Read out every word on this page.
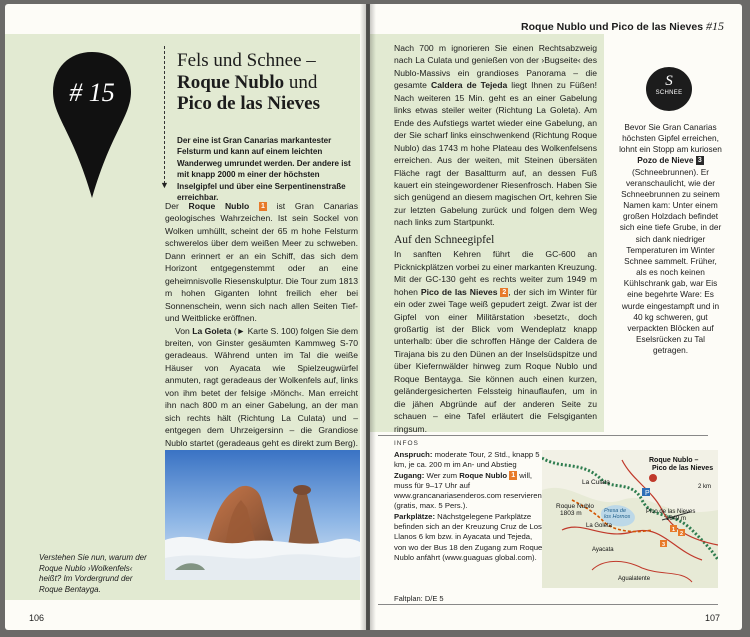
# 15
▼
Fels und Schnee –
Roque Nublo und
Pico de las Nieves
Der eine ist Gran Canarias markantester Felsturm und kann auf einem leichten Wanderweg umrundet werden. Der andere ist mit knapp 2000 m einer der höchsten Inselgipfel und über eine Serpentinenstraße erreichbar.

Der Roque Nublo 1 ist Gran Canarias geologisches Wahrzeichen. Ist sein Sockel von Wolken umhüllt, scheint der 65 m hohe Felsturm schwerelos über dem weißen Meer zu schweben. Dann erinnert er an ein Schiff, das sich dem Horizont entgegenstemmt oder an eine geheimnisvolle Riesenskulptur. Die Tour zum 1813 m hohen Giganten lohnt freilich eher bei Sonnenschein, wenn sich nach allen Seiten Tief- und Weitblicke eröffnen.

Von La Goleta (► Karte S. 100) folgen Sie dem breiten, von Ginster gesäumten Kammweg S-70 geradeaus. Während unten im Tal die weiße Häuser von Ayacata wie Spielzeugwürfel anmuten, ragt geradeaus der Wolkenfels auf, links von ihm betet der felsige ›Mönch‹. Man erreicht ihn nach 800 m an einer Gabelung, an der man sich rechts hält (Richtung La Culata) und – entgegen dem Uhrzeigersinn – die Grandiose Nublo startet (geradeaus geht es direkt zum Berg).

Verstehen Sie nun, warum der Roque Nublo ›Wolkenfels‹ heißt? Im Vordergrund der Roque Bentayga.
106
Roque Nublo und Pico de las Nieves #15

Nach 700 m ignorieren Sie einen Rechtsabzweig nach La Culata und genießen von der ›Bugseite‹ des Nublo-Massivs ein grandioses Panorama – die gesamte Caldera de Tejeda liegt Ihnen zu Füßen! Nach weiteren 15 Min. geht es an einer Gabelung links etwas steiler weiter (Richtung La Goleta). Am Ende des Aufstiegs wartet wieder eine Gabelung, an der Sie scharf links einschwenkend (Richtung Roque Nublo) das 1743 m hohe Plateau des Wolkenfelsens erreichen. Aus der weiten, mit Steinen übersäten Fläche ragt der Basaltturm auf, an dessen Fuß kauert ein steingewordener Riesenfrosch. Haben Sie sich genügend an diesem magischen Ort, kehren Sie zur letzten Gabelung zurück und folgen dem Weg nach links zum Startpunkt.

Auf den Schneegipfel

In sanften Kehren führt die GC-600 an Picknickplätzen vorbei zu einer markanten Kreuzung. Mit der GC-130 geht es rechts weiter zum 1949 m hohen Pico de las Nieves 2 , der sich im Winter für ein oder zwei Tage weiß gepudert zeigt. Zwar ist der Gipfel von einer Militärstation ›besetzt‹, doch großartig ist der Blick vom Wendeplatz knapp unterhalb: über die schroffen Hänge der Caldera de Tirajana bis zu den Dünen an der Inselsüdspitze und über Kiefernwälder hinweg zum Roque Nublo und Roque Bentayga. Sie können auch einen kurzen, geländergesicherten Felssteig hinauflaufen, um in die jähen Abgründe auf der anderen Seite zu schauen – eine Tafel erläutert die Felsgiganten ringsum.

S
SCHNEE
Bevor Sie Gran Canarias höchsten Gipfel erreichen, lohnt ein Stopp am kuriosen Pozo de Nieve 3 (Schneebrunnen). Er veranschaulicht, wie der Schneebrunnen zu seinem Namen kam: Unter einem großen Holzdach befindet sich eine tiefe Grube, in der sich dank niedriger Temperaturen im Winter Schnee sammelt. Früher, als es noch keinen Kühlschrank gab, war Eis eine begehrte Ware: Es wurde eingestampft und in 40 kg schweren, gut verpackten Blöcken auf Eselsrücken zu Tal getragen.
INFOS

Anspruch: moderate Tour, 2 Std., knapp 5 km, je ca. 200 m im An- und Abstieg

Zugang: Wer zum Roque Nublo 1 will, muss für 9–17 Uhr auf www.grancanariasenderos.com reservieren (gratis, max. 5 Pers.).

Parkplätze: Nächstgelegene Parkplätze befinden sich an der Kreuzung Cruz de Los Llanos 6 km bzw. in Ayacata und Tejeda, von wo der Bus 18 den Zugang zum Roque Nublo anfährt (www.guaguas global.com).

P
Roque Nublo –
Pico de las Nieves
2 km
La Culata
Roque Nublo
1803 m	Presa de
los Hornos
Pico de las Nieves
1949 m
La Goleta
Ayacata
Agualatente
1
2
3
Faltplan: D/E 5
107
